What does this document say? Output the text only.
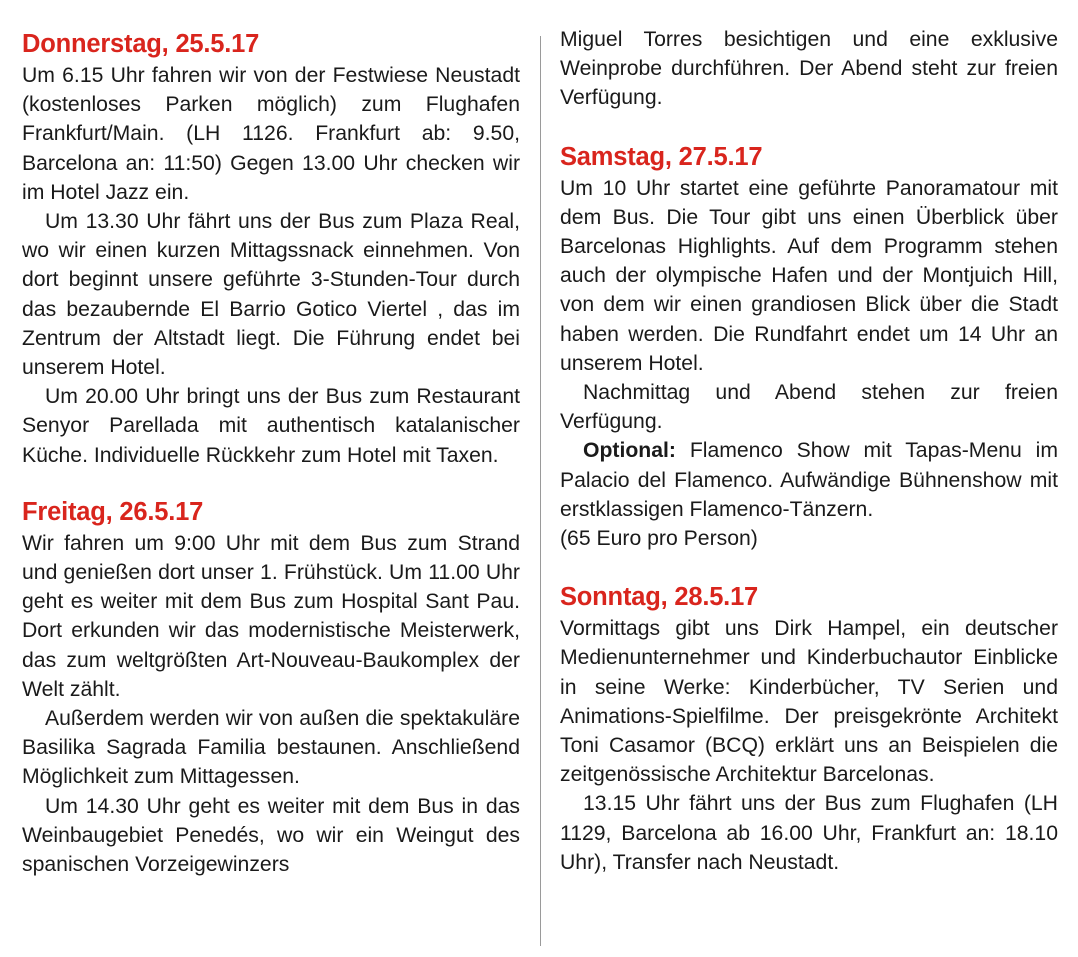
Donnerstag, 25.5.17

Um 6.15 Uhr fahren wir von der Festwiese Neustadt (kostenloses Parken möglich) zum Flughafen Frankfurt/Main. (LH 1126. Frankfurt ab: 9.50, Barcelona an: 11:50) Gegen 13.00 Uhr checken wir im Hotel Jazz ein.

Um 13.30 Uhr fährt uns der Bus zum Plaza Real, wo wir einen kurzen Mittagssnack einnehmen. Von dort beginnt unsere geführte 3-Stunden-Tour durch das bezaubernde El Barrio Gotico Viertel , das im Zentrum der Altstadt liegt. Die Führung endet bei unserem Hotel.

Um 20.00 Uhr bringt uns der Bus zum Restaurant Senyor Parellada mit authentisch katalanischer Küche. Individuelle Rückkehr zum Hotel mit Taxen.

Freitag, 26.5.17

Wir fahren um 9:00 Uhr mit dem Bus zum Strand und genießen dort unser 1. Frühstück. Um 11.00 Uhr geht es weiter mit dem Bus zum Hospital Sant Pau. Dort erkunden wir das modernistische Meisterwerk, das zum weltgrößten Art-Nouveau-Baukomplex der Welt zählt.

Außerdem werden wir von außen die spektakuläre Basilika Sagrada Familia bestaunen. Anschließend Möglichkeit zum Mittagessen.

Um 14.30 Uhr geht es weiter mit dem Bus in das Weinbaugebiet Penedés, wo wir ein Weingut des spanischen Vorzeigewinzers

Miguel Torres besichtigen und eine exklusive Weinprobe durchführen. Der Abend steht zur freien Verfügung.

Samstag, 27.5.17

Um 10 Uhr startet eine geführte Panoramatour mit dem Bus. Die Tour gibt uns einen Überblick über Barcelonas Highlights. Auf dem Programm stehen auch der olympische Hafen und der Montjuich Hill, von dem wir einen grandiosen Blick über die Stadt haben werden. Die Rundfahrt endet um 14 Uhr an unserem Hotel.

Nachmittag und Abend stehen zur freien Verfügung.

Optional: Flamenco Show mit Tapas-Menu im Palacio del Flamenco. Aufwändige Bühnenshow mit erstklassigen Flamenco-Tänzern.

(65 Euro pro Person)

Sonntag, 28.5.17

Vormittags gibt uns Dirk Hampel, ein deutscher Medienunternehmer und Kinderbuchautor Einblicke in seine Werke: Kinderbücher, TV Serien und Animations-Spielfilme. Der preisgekrönte Architekt Toni Casamor (BCQ) erklärt uns an Beispielen die zeitgenössische Architektur Barcelonas.

13.15 Uhr fährt uns der Bus zum Flughafen (LH 1129, Barcelona ab 16.00 Uhr, Frankfurt an: 18.10 Uhr), Transfer nach Neustadt.
